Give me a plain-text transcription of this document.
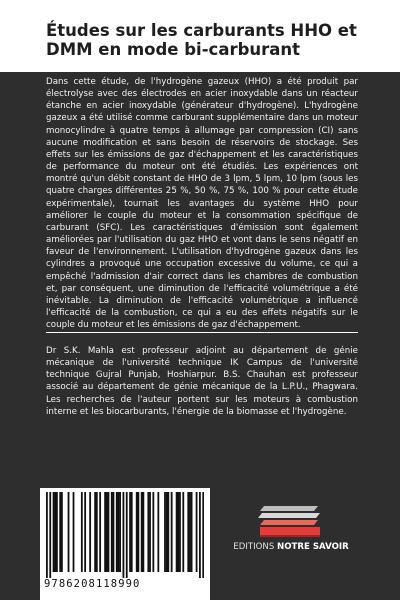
Études sur les carburants HHO et DMM en mode bi-carburant

Dans cette étude, de l'hydrogène gazeux (HHO) a été produit par électrolyse avec des électrodes en acier inoxydable dans un réacteur étanche en acier inoxydable (générateur d'hydrogène). L'hydrogène gazeux a été utilisé comme carburant supplémentaire dans un moteur monocylindre à quatre temps à allumage par compression (CI) sans aucune modification et sans besoin de réservoirs de stockage. Ses effets sur les émissions de gaz d'échappement et les caractéristiques de performance du moteur ont été étudiés. Les expériences ont montré qu'un débit constant de HHO de 3 lpm, 5 lpm, 10 lpm (sous les quatre charges différentes 25 %, 50 %, 75 %, 100 % pour cette étude expérimentale), tournait les avantages du système HHO pour améliorer le couple du moteur et la consommation spécifique de carburant (SFC). Les caractéristiques d'émission sont également améliorées par l'utilisation du gaz HHO et vont dans le sens négatif en faveur de l'environnement. L'utilisation d'hydrogène gazeux dans les cylindres a provoqué une occupation excessive du volume, ce qui a empêché l'admission d'air correct dans les chambres de combustion et, par conséquent, une diminution de l'efficacité volumétrique a été inévitable. La diminution de l'efficacité volumétrique a influencé l'efficacité de la combustion, ce qui a eu des effets négatifs sur le couple du moteur et les émissions de gaz d'échappement.

Dr S.K. Mahla est professeur adjoint au département de génie mécanique de l'université technique IK Campus de l'université technique Gujral Punjab, Hoshiarpur. B.S. Chauhan est professeur associé au département de génie mécanique de la L.P.U., Phagwara. Les recherches de l'auteur portent sur les moteurs à combustion interne et les biocarburants, l'énergie de la biomasse et l'hydrogène.

9786208118990
EDITIONS NOTRE SAVOIR
